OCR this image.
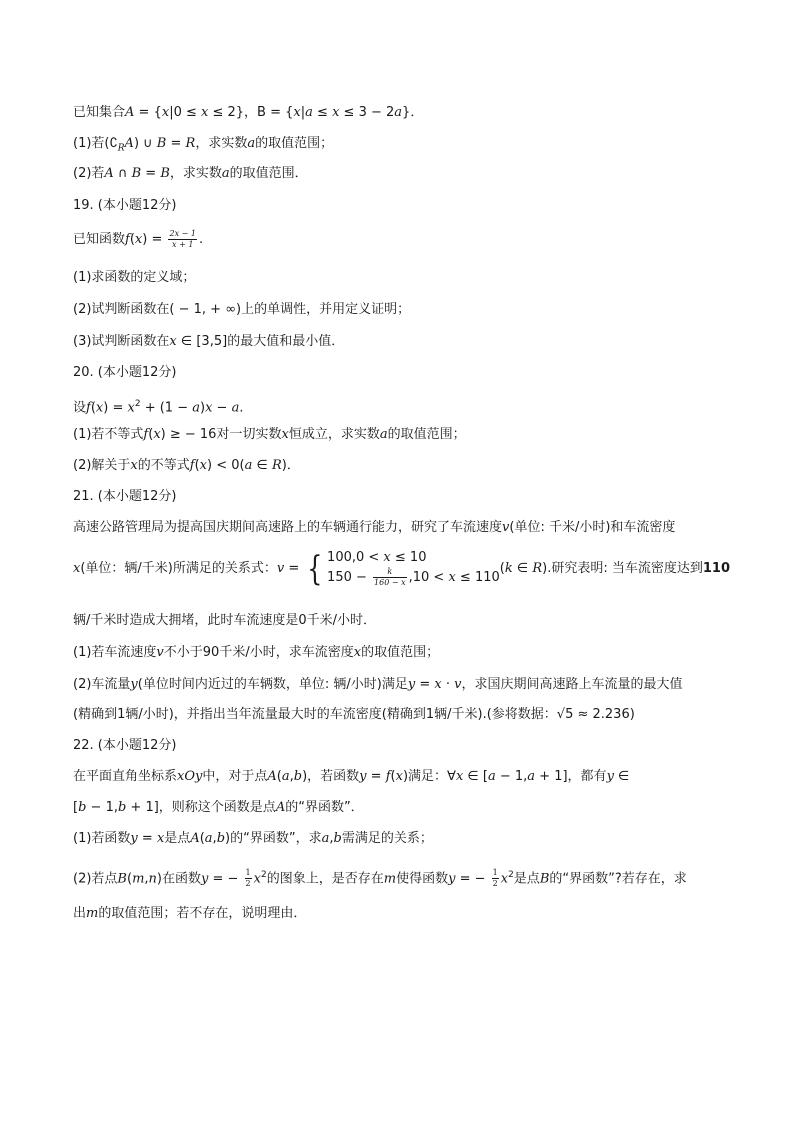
已知集合A = {x|0 ≤ x ≤ 2}，B = {x|a ≤ x ≤ 3 − 2a}．
(1)若$(∁_RA)$ ∪ B = R，求实数a的取值范围；
(2)若A ∩ B = B，求实数a的取值范围．
19. (本小题12分)
已知函数$f(x) = \frac{2x - 1}{x + 1}$ .
(1)求函数的定义域；
(2)试判断函数在( − 1, + ∞)上的单调性，并用定义证明；
(3)试判断函数在x ∈ [3,5]的最大值和最小值．
20. (本小题12分)
设$f(x) = x^2 + (1 - a)x - a$.
(1)若不等式f(x) ≥ − 16对一切实数x恒成立，求实数a的取值范围；
(2)解关于x的不等式f(x) < 0(a ∈ R)．
21. (本小题12分)
高速公路管理局为提高国庆期间高速路上的车辆通行能力，研究了车流速度v(单位: 千米/小时)和车流密度
x(单位：辆/千米)所满足的关系式：v = { 100,0 < x ≤ 10
$150 - \frac{k}{160 - x} ,10 < x \le 110$
(k ∈ R).研究表明: 当车流密度达到110
辆/千米时造成大拥堵，此时车流速度是0千米/小时．
(1)若车流速度v不小于90千米/小时，求车流密度x的取值范围；
(2)车流量y(单位时间内近过的车辆数，单位: 辆/小时)满足y = x · v，求国庆期间高速路上车流量的最大值
(精确到1辆/小时)，并指出当年流量最大时的车流密度(精确到1辆/千米).(参将数据：√5 ≈ 2.236)
22. (本小题12分)
在平面直角坐标系xOy中，对于点A(a,b)，若函数y = f(x)满足：∀x ∈ [a − 1,a + 1]，都有y ∈
[b − 1,b + 1]，则称这个函数是点A的“界函数”．
(1)若函数y = x是点A(a,b)的“界函数”，求a,b需满足的关系；
(2)若点B(m,n)在函数y = − $\frac{1}{2} x^2$的图象上，是否存在m使得函数y = − $\frac{1}{2} x^2$是点B的“界函数”?若存在，求
出m的取值范围；若不存在，说明理由．
